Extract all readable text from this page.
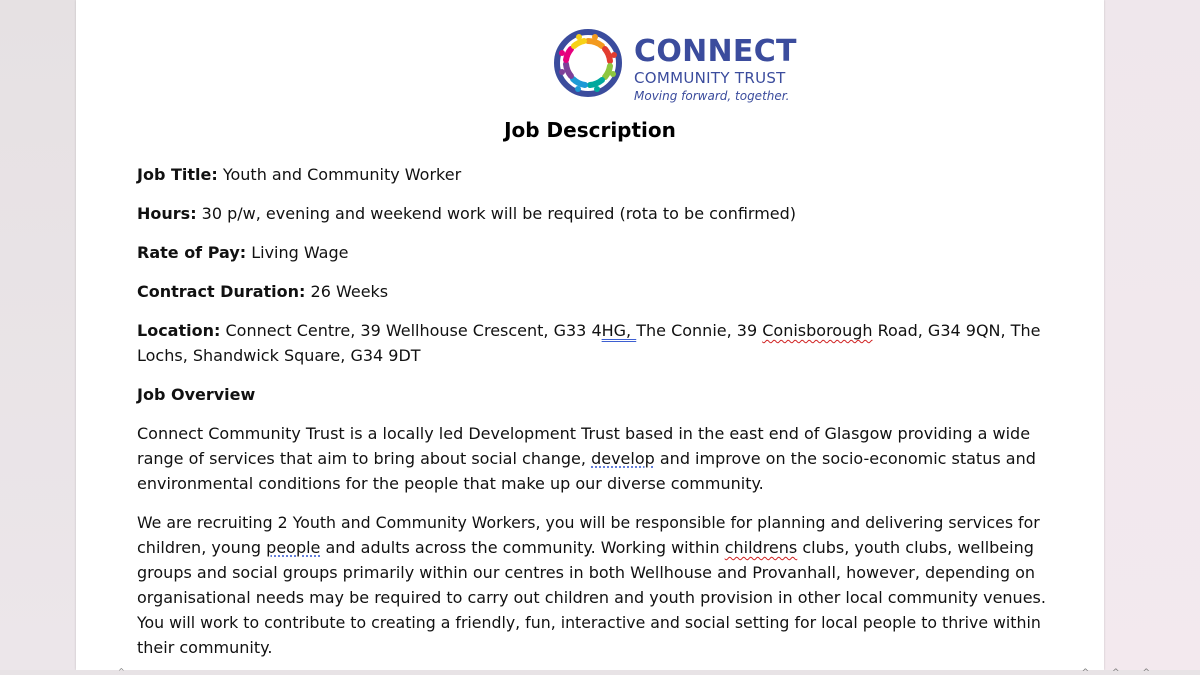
CONNECT
COMMUNITY TRUST
Moving forward, together.
Job Description
Job Title: Youth and Community Worker
Hours: 30 p/w, evening and weekend work will be required (rota to be confirmed)
Rate of Pay: Living Wage
Contract Duration: 26 Weeks
Location: Connect Centre, 39 Wellhouse Crescent, G33 4HG, The Connie, 39 Conisborough Road, G34 9QN, The
Lochs, Shandwick Square, G34 9DT
Job Overview
Connect Community Trust is a locally led Development Trust based in the east end of Glasgow providing a wide
range of services that aim to bring about social change, develop and improve on the socio-economic status and
environmental conditions for the people that make up our diverse community.
We are recruiting 2 Youth and Community Workers, you will be responsible for planning and delivering services for
children, young people and adults across the community. Working within childrens clubs, youth clubs, wellbeing
groups and social groups primarily within our centres in both Wellhouse and Provanhall, however, depending on
organisational needs may be required to carry out children and youth provision in other local community venues.
You will work to contribute to creating a friendly, fun, interactive and social setting for local people to thrive within
their community.
^	^ ^ ^
